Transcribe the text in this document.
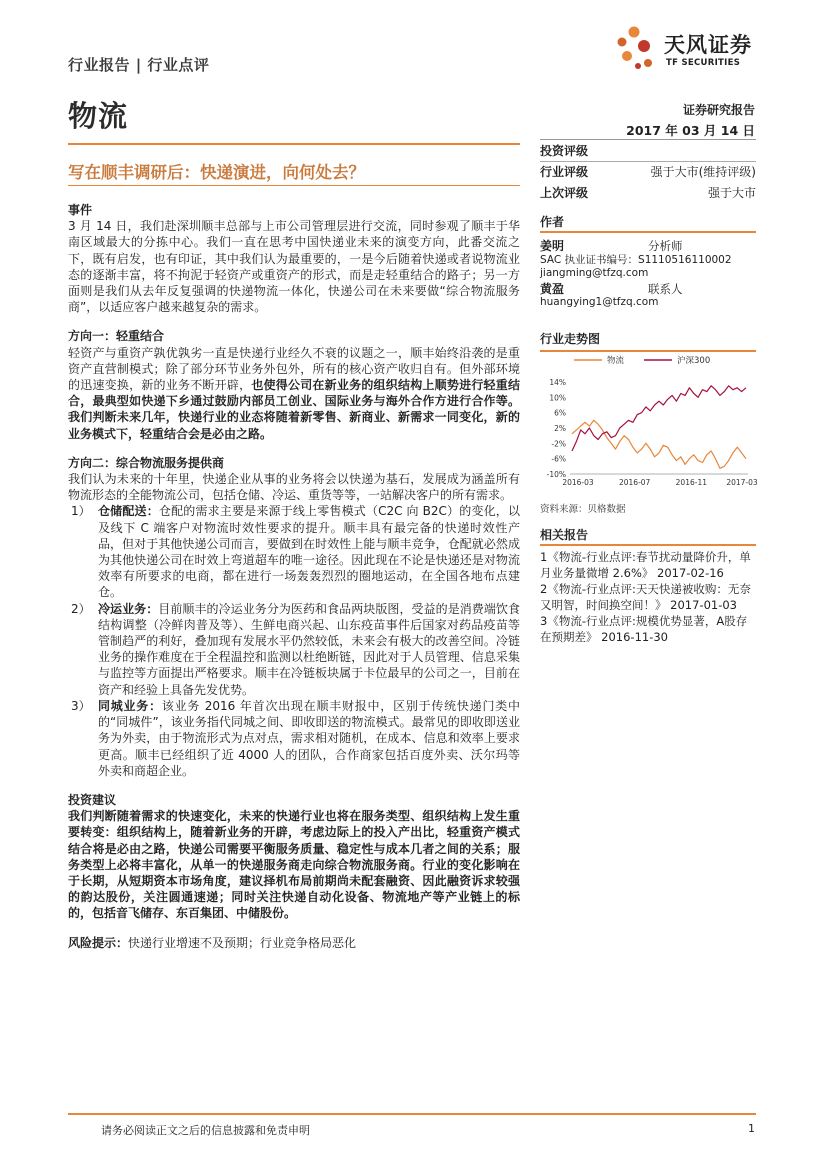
行业报告 | 行业点评
天风证券
TF SECURITIES
物流	证券研究报告
2017 年 03 月 14 日
写在顺丰调研后：快递演进，向何处去？
事件
3 月 14 日，我们赴深圳顺丰总部与上市公司管理层进行交流，同时参观了顺丰于华南区域最大的分拣中心。我们一直在思考中国快递业未来的演变方向，此番交流之下，既有启发，也有印证，其中我们认为最重要的，一是今后随着快递或者说物流业态的逐渐丰富，将不拘泥于轻资产或重资产的形式，而是走轻重结合的路子；另一方面则是我们从去年反复强调的快递物流一体化，快递公司在未来要做“综合物流服务商”，以适应客户越来越复杂的需求。
方向一：轻重结合
轻资产与重资产孰优孰劣一直是快递行业经久不衰的议题之一，顺丰始终沿袭的是重资产直营制模式；除了部分环节业务外包外，所有的核心资产收归自有。但外部环境的迅速变换，新的业务不断开辟，也使得公司在新业务的组织结构上顺势进行轻重结合，最典型如快递下乡通过鼓励内部员工创业、国际业务与海外合作方进行合作等。我们判断未来几年，快递行业的业态将随着新零售、新商业、新需求一同变化，新的业务模式下，轻重结合会是必由之路。
方向二：综合物流服务提供商
我们认为未来的十年里，快递企业从事的业务将会以快递为基石，发展成为涵盖所有物流形态的全能物流公司，包括仓储、冷运、重货等等，一站解决客户的所有需求。
1） 仓储配送：仓配的需求主要是来源于线上零售模式（C2C 向 B2C）的变化，以及线下 C 端客户对物流时效性要求的提升。顺丰具有最完备的快递时效性产品，但对于其他快递公司而言，要做到在时效性上能与顺丰竞争，仓配就必然成为其他快递公司在时效上弯道超车的唯一途径。因此现在不论是快递还是对物流效率有所要求的电商，都在进行一场轰轰烈烈的圈地运动，在全国各地布点建仓。
2） 冷运业务：目前顺丰的冷运业务分为医药和食品两块版图，受益的是消费端饮食结构调整（冷鲜肉普及等）、生鲜电商兴起、山东疫苗事件后国家对药品疫苗等管制趋严的利好，叠加现有发展水平仍然较低，未来会有极大的改善空间。冷链业务的操作难度在于全程温控和监测以杜绝断链，因此对于人员管理、信息采集与监控等方面提出严格要求。顺丰在冷链板块属于卡位最早的公司之一，目前在资产和经验上具备先发优势。
3） 同城业务：该业务 2016 年首次出现在顺丰财报中，区别于传统快递门类中的“同城件”，该业务指代同城之间、即收即送的物流模式。最常见的即收即送业务为外卖，由于物流形式为点对点，需求相对随机，在成本、信息和效率上要求更高。顺丰已经组织了近 4000 人的团队，合作商家包括百度外卖、沃尔玛等外卖和商超企业。
投资建议
我们判断随着需求的快速变化，未来的快递行业也将在服务类型、组织结构上发生重要转变：组织结构上，随着新业务的开辟，考虑边际上的投入产出比，轻重资产模式结合将是必由之路，快递公司需要平衡服务质量、稳定性与成本几者之间的关系；服务类型上必将丰富化，从单一的快递服务商走向综合物流服务商。行业的变化影响在于长期，从短期资本市场角度，建议择机布局前期尚未配套融资、因此融资诉求较强的韵达股份，关注圆通速递；同时关注快递自动化设备、物流地产等产业链上的标的，包括音飞储存、东百集团、中储股份。
风险提示：快递行业增速不及预期；行业竞争格局恶化
投资评级
行业评级	强于大市(维持评级)
上次评级	强于大市
作者
姜明	分析师
SAC 执业证书编号：S1110516110002
jiangming@tfzq.com
黄盈	联系人
huangying1@tfzq.com
行业走势图
物流	沪深300
14%
10%
6%
2%
-2%
-6%
-10%
2016-03	2016-07	2016-11	2017-03
资料来源：贝格数据
相关报告
1《物流-行业点评:春节扰动量降价升，单月业务量微增 2.6%》 2017-02-16
2《物流-行业点评:天天快递被收购：无奈又明智，时间换空间！》 2017-01-03
3《物流-行业点评:规模优势显著，A股存在预期差》 2016-11-30
请务必阅读正文之后的信息披露和免责申明	1
